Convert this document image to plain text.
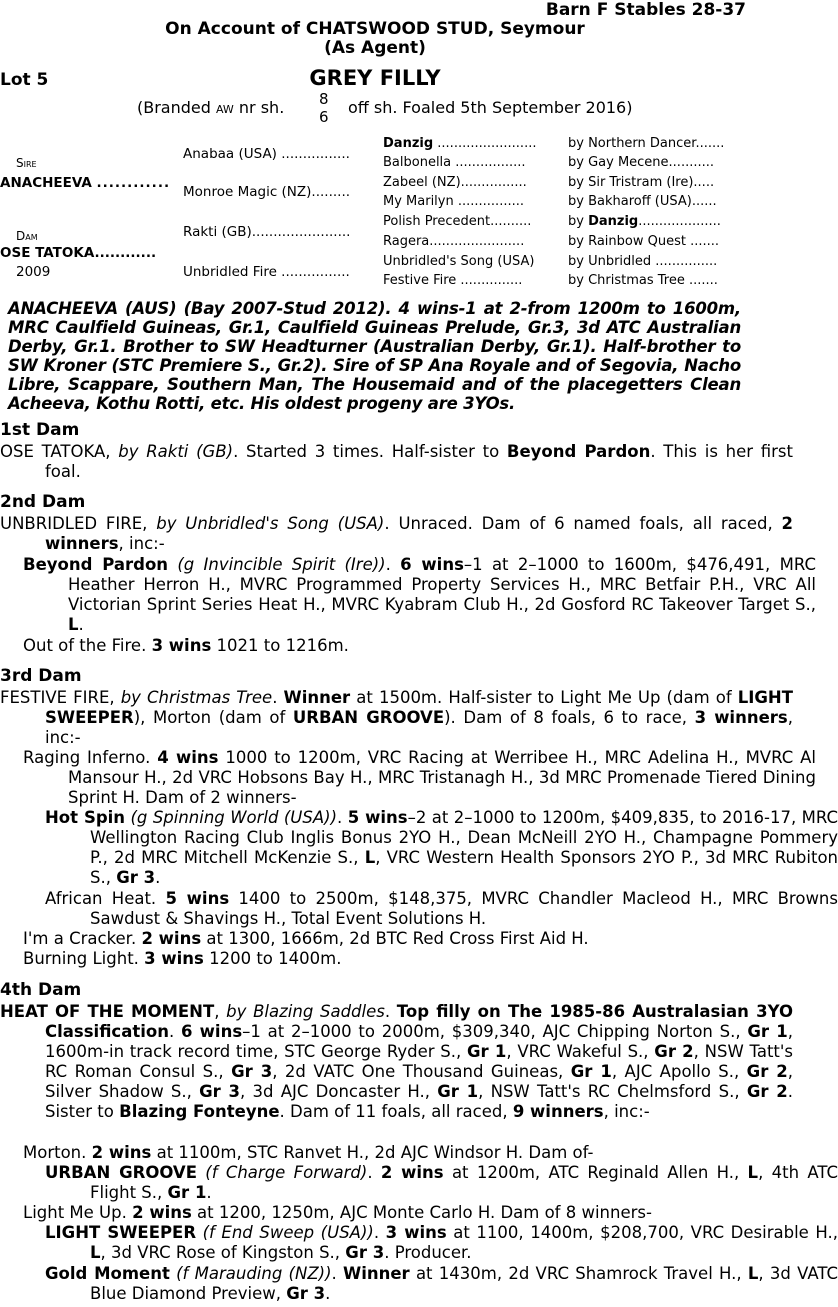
Barn F Stables 28-37
On Account of CHATSWOOD STUD, Seymour
(As Agent)
Lot 5	GREY FILLY
(Branded AW nr sh. 8
6 off sh. Foaled 5th September 2016)
Sire
ANACHEEVA ............
Dam
OSE TATOKA............
2009
Anabaa (USA) ................
Monroe Magic (NZ).........
Rakti (GB).......................
Unbridled Fire ................
Danzig ........................
Balbonella .................
Zabeel (NZ)................
My Marilyn ................
Polish Precedent..........
Ragera.......................
Unbridled's Song (USA)
Festive Fire ...............
by Northern Dancer.......
by Gay Mecene...........
by Sir Tristram (Ire).....
by Bakharoff (USA)......
by Danzig....................
by Rainbow Quest .......
by Unbridled ...............
by Christmas Tree .......
ANACHEEVA (AUS) (Bay 2007-Stud 2012). 4 wins-1 at 2-from 1200m to 1600m, MRC Caulfield Guineas, Gr.1, Caulfield Guineas Prelude, Gr.3, 3d ATC Australian Derby, Gr.1. Brother to SW Headturner (Australian Derby, Gr.1). Half-brother to SW Kroner (STC Premiere S., Gr.2). Sire of SP Ana Royale and of Segovia, Nacho Libre, Scappare, Southern Man, The Housemaid and of the placegetters Clean Acheeva, Kothu Rotti, etc. His oldest progeny are 3YOs.
1st Dam
OSE TATOKA, by Rakti (GB). Started 3 times. Half-sister to Beyond Pardon. This is her first foal.
2nd Dam
UNBRIDLED FIRE, by Unbridled's Song (USA). Unraced. Dam of 6 named foals, all raced, 2 winners, inc:-
Beyond Pardon (g Invincible Spirit (Ire)). 6 wins–1 at 2–1000 to 1600m, $476,491, MRC Heather Herron H., MVRC Programmed Property Services H., MRC Betfair P.H., VRC All Victorian Sprint Series Heat H., MVRC Kyabram Club H., 2d Gosford RC Takeover Target S., L.
Out of the Fire. 3 wins 1021 to 1216m.
3rd Dam
FESTIVE FIRE, by Christmas Tree. Winner at 1500m. Half-sister to Light Me Up (dam of LIGHT SWEEPER), Morton (dam of URBAN GROOVE). Dam of 8 foals, 6 to race, 3 winners, inc:-
Raging Inferno. 4 wins 1000 to 1200m, VRC Racing at Werribee H., MRC Adelina H., MVRC Al Mansour H., 2d VRC Hobsons Bay H., MRC Tristanagh H., 3d MRC Promenade Tiered Dining Sprint H. Dam of 2 winners-
Hot Spin (g Spinning World (USA)). 5 wins–2 at 2–1000 to 1200m, $409,835, to 2016-17, MRC Wellington Racing Club Inglis Bonus 2YO H., Dean McNeill 2YO H., Champagne Pommery P., 2d MRC Mitchell McKenzie S., L, VRC Western Health Sponsors 2YO P., 3d MRC Rubiton S., Gr 3.
African Heat. 5 wins 1400 to 2500m, $148,375, MVRC Chandler Macleod H., MRC Browns Sawdust & Shavings H., Total Event Solutions H.
I'm a Cracker. 2 wins at 1300, 1666m, 2d BTC Red Cross First Aid H.
Burning Light. 3 wins 1200 to 1400m.
4th Dam
HEAT OF THE MOMENT, by Blazing Saddles. Top filly on The 1985-86 Australasian 3YO Classification. 6 wins–1 at 2–1000 to 2000m, $309,340, AJC Chipping Norton S., Gr 1, 1600m-in track record time, STC George Ryder S., Gr 1, VRC Wakeful S., Gr 2, NSW Tatt's RC Roman Consul S., Gr 3, 2d VATC One Thousand Guineas, Gr 1, AJC Apollo S., Gr 2, Silver Shadow S., Gr 3, 3d AJC Doncaster H., Gr 1, NSW Tatt's RC Chelmsford S., Gr 2. Sister to Blazing Fonteyne. Dam of 11 foals, all raced, 9 winners, inc:-
Morton. 2 wins at 1100m, STC Ranvet H., 2d AJC Windsor H. Dam of-
URBAN GROOVE (f Charge Forward). 2 wins at 1200m, ATC Reginald Allen H., L, 4th ATC Flight S., Gr 1.
Light Me Up. 2 wins at 1200, 1250m, AJC Monte Carlo H. Dam of 8 winners-
LIGHT SWEEPER (f End Sweep (USA)). 3 wins at 1100, 1400m, $208,700, VRC Desirable H., L, 3d VRC Rose of Kingston S., Gr 3. Producer.
Gold Moment (f Marauding (NZ)). Winner at 1430m, 2d VRC Shamrock Travel H., L, 3d VATC Blue Diamond Preview, Gr 3.
